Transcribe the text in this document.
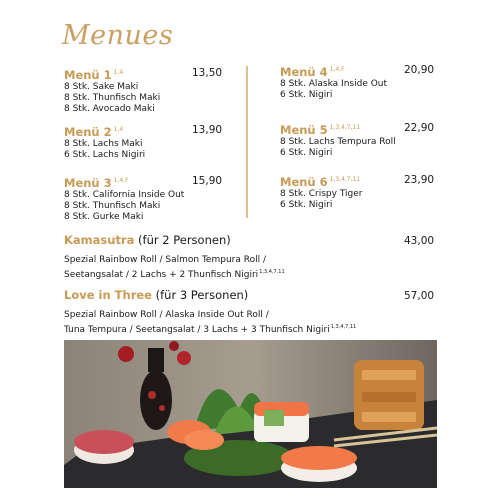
Menues
Menü 1 $^{1,4}$
8 Stk. Sake Maki
8 Stk. Thunfisch Maki
8 Stk. Avocado Maki
13,50
Menü 2 $^{1,4}$
8 Stk. Lachs Maki
6 Stk. Lachs Nigiri
13,90
Menü 3 $^{1,4,F}$
8 Stk. California Inside Out
8 Stk. Thunfisch Maki
8 Stk. Gurke Maki
15,90
Menü 4 $^{1,4,F}$
8 Stk. Alaska Inside Out
6 Stk. Nigiri
20,90
Menü 5 $^{1,3,4,7,11}$
8 Stk. Lachs Tempura Roll
6 Stk. Nigiri
22,90
Menü 6 $^{1,3,4,7,11}$
8 Stk. Crispy Tiger
6 Stk. Nigiri
23,90
Kamasutra (für 2 Personen)
Spezial Rainbow Roll / Salmon Tempura Roll /
Seetangsalat / 2 Lachs + 2 Thunfisch Nigiri$^{1,3,4,7,11}$
43,00
Love in Three (für 3 Personen)
Spezial Rainbow Roll / Alaska Inside Out Roll /
Tuna Tempura / Seetangsalat / 3 Lachs + 3 Thunfisch Nigiri$^{1,3,4,7,11}$
57,00
